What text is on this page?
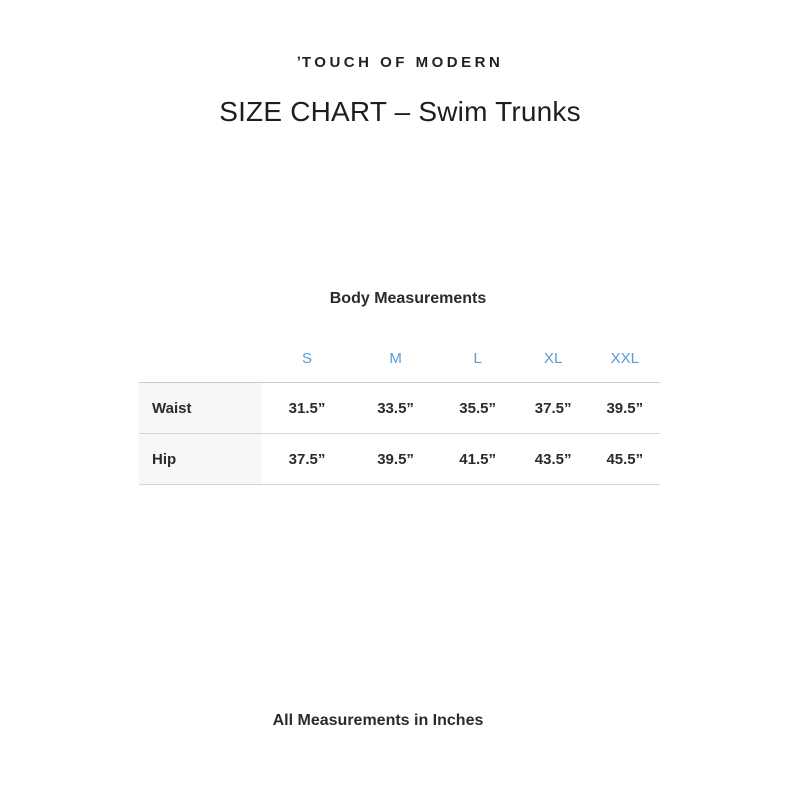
ʼTOUCH OF MODERN
SIZE CHART – Swim Trunks
Body Measurements
	S	M	L	XL	XXL
Waist	31.5”	33.5”	35.5”	37.5”	39.5”
Hip	37.5”	39.5”	41.5”	43.5”	45.5”
All Measurements in Inches
